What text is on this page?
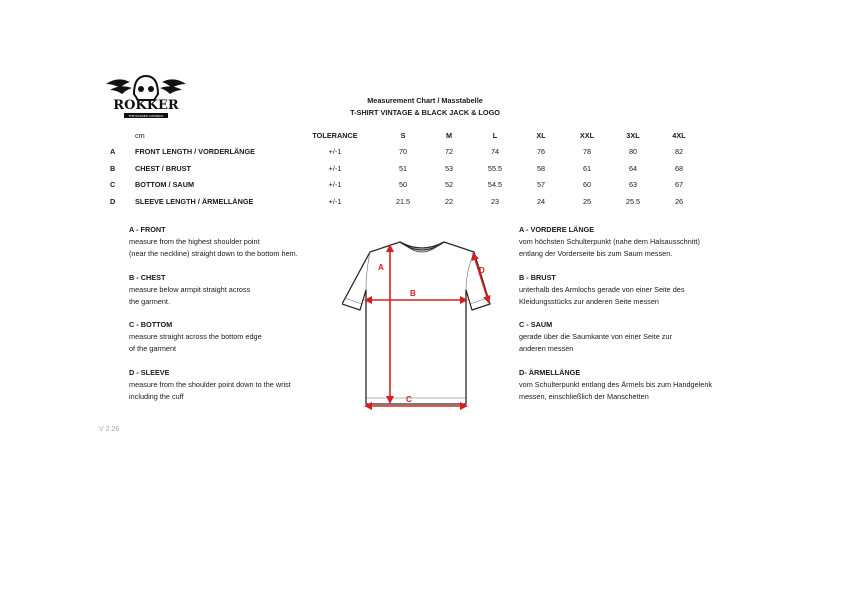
ROKKER
THE ROKKER COMPANY
Measurement Chart / Masstabelle
T-SHIRT VINTAGE & BLACK JACK & LOGO
	cm	TOLERANCE	S	M	L	XL	XXL	3XL	4XL
A	FRONT LENGTH / VORDERLÄNGE	+/-1	70	72	74	76	78	80	82
B	CHEST / BRUST	+/-1	51	53	55.5	58	61	64	68
C	BOTTOM / SAUM	+/-1	50	52	54.5	57	60	63	67
D	SLEEVE LENGTH / ÄRMELLÄNGE	+/-1	21.5	22	23	24	25	25.5	26
A - FRONT
measure from the highest shoulder point
(near the neckline) straight down to the bottom hem.
B - CHEST
measure below armpit straight across
the garment.
C - BOTTOM
measure straight across the bottom edge
of the garment
D - SLEEVE
measure from the shoulder point down to the wrist
including the cuff
A - VORDERE LÄNGE
vom höchsten Schulterpunkt (nahe dem Halsausschnitt)
entlang der Vorderseite bis zum Saum messen.
B - BRUST
unterhalb des Armlochs gerade von einer Seite des
Kleidungsstücks zur anderen Seite messen
C - SAUM
gerade über die Saumkante von einer Seite zur
anderen messen
D- ÄRMELLÄNGE
vom Schulterpunkt entlang des Ärmels bis zum Handgelenk
messen, einschließlich der Manschetten
A
B
C
D
V 2.26
